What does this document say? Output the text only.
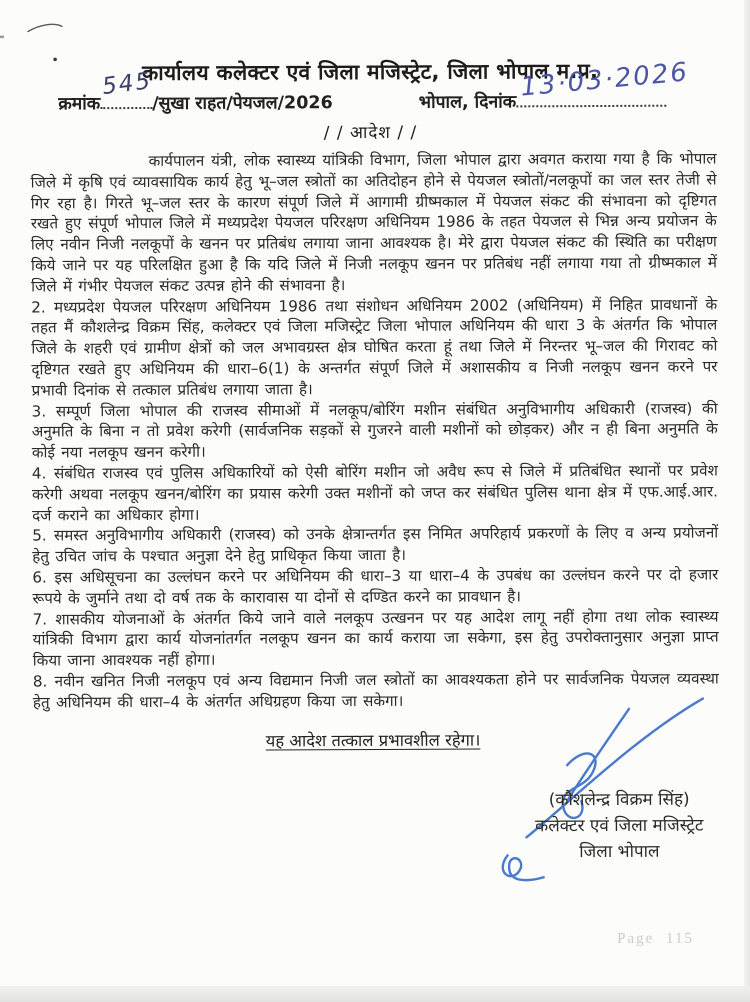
कार्यालय कलेक्टर एवं जिला मजिस्ट्रेट, जिला भोपाल म.प्र.
क्रमांक
545
/सुखा राहत/पेयजल/2026	भोपाल, दिनांक 13·03·2026
/ / आदेश / /

कार्यपालन यंत्री, लोक स्वास्थ्य यांत्रिकी विभाग, जिला भोपाल द्वारा अवगत कराया गया है कि भोपाल जिले में कृषि एवं व्यावसायिक कार्य हेतु भू–जल स्त्रोतों का अतिदोहन होने से पेयजल स्त्रोतों/नलकूपों का जल स्तर तेजी से गिर रहा है। गिरते भू–जल स्तर के कारण संपूर्ण जिले में आगामी ग्रीष्मकाल में पेयजल संकट की संभावना को दृष्टिगत रखते हुए संपूर्ण भोपाल जिले में मध्यप्रदेश पेयजल परिरक्षण अधिनियम 1986 के तहत पेयजल से भिन्न अन्य प्रयोजन के लिए नवीन निजी नलकूपों के खनन पर प्रतिबंध लगाया जाना आवश्यक है। मेरे द्वारा पेयजल संकट की स्थिति का परीक्षण किये जाने पर यह परिलक्षित हुआ है कि यदि जिले में निजी नलकूप खनन पर प्रतिबंध नहीं लगाया गया तो ग्रीष्मकाल में जिले में गंभीर पेयजल संकट उत्पन्न होने की संभावना है।

2. मध्यप्रदेश पेयजल परिरक्षण अधिनियम 1986 तथा संशोधन अधिनियम 2002 (अधिनियम) में निहित प्रावधानों के तहत मैं कौशलेन्द्र विक्रम सिंह, कलेक्टर एवं जिला मजिस्ट्रेट जिला भोपाल अधिनियम की धारा 3 के अंतर्गत कि भोपाल जिले के शहरी एवं ग्रामीण क्षेत्रों को जल अभावग्रस्त क्षेत्र घोषित करता हूं तथा जिले में निरन्तर भू–जल की गिरावट को दृष्टिगत रखते हुए अधिनियम की धारा–6(1) के अन्तर्गत संपूर्ण जिले में अशासकीय व निजी नलकूप खनन करने पर प्रभावी दिनांक से तत्काल प्रतिबंध लगाया जाता है।

3. सम्पूर्ण जिला भोपाल की राजस्व सीमाओं में नलकूप/बोरिंग मशीन संबंधित अनुविभागीय अधिकारी (राजस्व) की अनुमति के बिना न तो प्रवेश करेगी (सार्वजनिक सड़कों से गुजरने वाली मशीनों को छोड़कर) और न ही बिना अनुमति के कोई नया नलकूप खनन करेगी।

4. संबंधित राजस्व एवं पुलिस अधिकारियों को ऐसी बोरिंग मशीन जो अवैध रूप से जिले में प्रतिबंधित स्थानों पर प्रवेश करेगी अथवा नलकूप खनन/बोरिंग का प्रयास करेगी उक्त मशीनों को जप्त कर संबंधित पुलिस थाना क्षेत्र में एफ.आई.आर. दर्ज कराने का अधिकार होगा।

5. समस्त अनुविभागीय अधिकारी (राजस्व) को उनके क्षेत्रान्तर्गत इस निमित अपरिहार्य प्रकरणों के लिए व अन्य प्रयोजनों हेतु उचित जांच के पश्चात अनुज्ञा देने हेतु प्राधिकृत किया जाता है।

6. इस अधिसूचना का उल्लंघन करने पर अधिनियम की धारा–3 या धारा–4 के उपबंध का उल्लंघन करने पर दो हजार रूपये के जुर्माने तथा दो वर्ष तक के कारावास या दोनों से दण्डित करने का प्रावधान है।

7. शासकीय योजनाओं के अंतर्गत किये जाने वाले नलकूप उत्खनन पर यह आदेश लागू नहीं होगा तथा लोक स्वास्थ्य यांत्रिकी विभाग द्वारा कार्य योजनांतर्गत नलकूप खनन का कार्य कराया जा सकेगा, इस हेतु उपरोक्तानुसार अनुज्ञा प्राप्त किया जाना आवश्यक नहीं होगा।

8. नवीन खनित निजी नलकूप एवं अन्य विद्यमान निजी जल स्त्रोतों का आवश्यकता होने पर सार्वजनिक पेयजल व्यवस्था हेतु अधिनियम की धारा–4 के अंतर्गत अधिग्रहण किया जा सकेगा।

यह आदेश तत्काल प्रभावशील रहेगा।
(कौशलेन्द्र विक्रम सिंह)
कलेक्टर एवं जिला मजिस्ट्रेट
जिला भोपाल
Page 115
